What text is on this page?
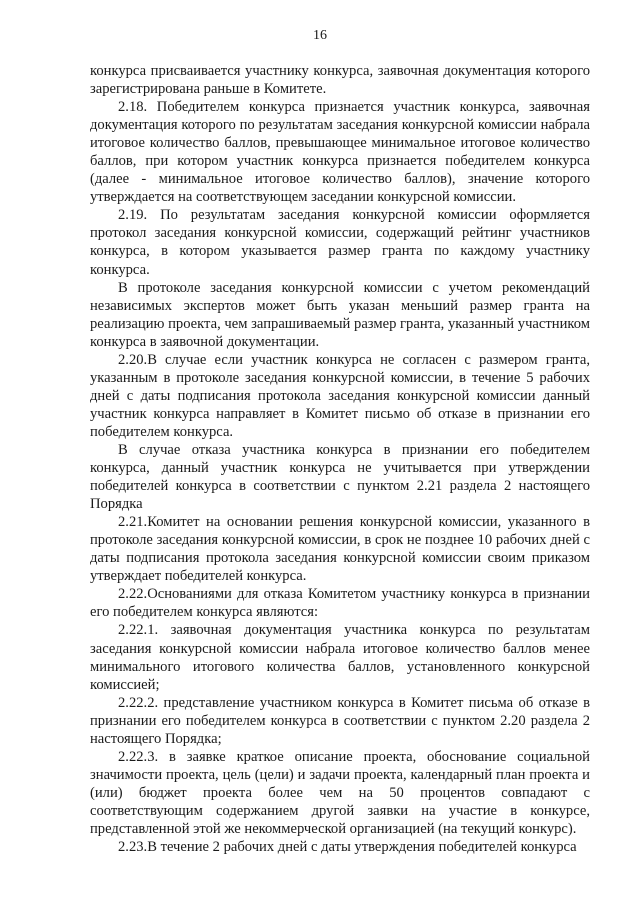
16

конкурса присваивается участнику конкурса, заявочная документация которого зарегистрирована раньше в Комитете.

2.18. Победителем конкурса признается участник конкурса, заявочная документация которого по результатам заседания конкурсной комиссии набрала итоговое количество баллов, превышающее минимальное итоговое количество баллов, при котором участник конкурса признается победителем конкурса (далее - минимальное итоговое количество баллов), значение которого утверждается на соответствующем заседании конкурсной комиссии.

2.19. По результатам заседания конкурсной комиссии оформляется протокол заседания конкурсной комиссии, содержащий рейтинг участников конкурса, в котором указывается размер гранта по каждому участнику конкурса.

В протоколе заседания конкурсной комиссии с учетом рекомендаций независимых экспертов может быть указан меньший размер гранта на реализацию проекта, чем запрашиваемый размер гранта, указанный участником конкурса в заявочной документации.

2.20.В случае если участник конкурса не согласен с размером гранта, указанным в протоколе заседания конкурсной комиссии, в течение 5 рабочих дней с даты подписания протокола заседания конкурсной комиссии данный участник конкурса направляет в Комитет письмо об отказе в признании его победителем конкурса.

В случае отказа участника конкурса в признании его победителем конкурса, данный участник конкурса не учитывается при утверждении победителей конкурса в соответствии с пунктом 2.21 раздела 2 настоящего Порядка

2.21.Комитет на основании решения конкурсной комиссии, указанного в протоколе заседания конкурсной комиссии, в срок не позднее 10 рабочих дней с даты подписания протокола заседания конкурсной комиссии своим приказом утверждает победителей конкурса.

2.22.Основаниями для отказа Комитетом участнику конкурса в признании его победителем конкурса являются:

2.22.1. заявочная документация участника конкурса по результатам заседания конкурсной комиссии набрала итоговое количество баллов менее минимального итогового количества баллов, установленного конкурсной комиссией;

2.22.2. представление участником конкурса в Комитет письма об отказе в признании его победителем конкурса в соответствии с пунктом 2.20 раздела 2 настоящего Порядка;

2.22.3. в заявке краткое описание проекта, обоснование социальной значимости проекта, цель (цели) и задачи проекта, календарный план проекта и (или) бюджет проекта более чем на 50 процентов совпадают с соответствующим содержанием другой заявки на участие в конкурсе, представленной этой же некоммерческой организацией (на текущий конкурс).

2.23.В течение 2 рабочих дней с даты утверждения победителей конкурса
